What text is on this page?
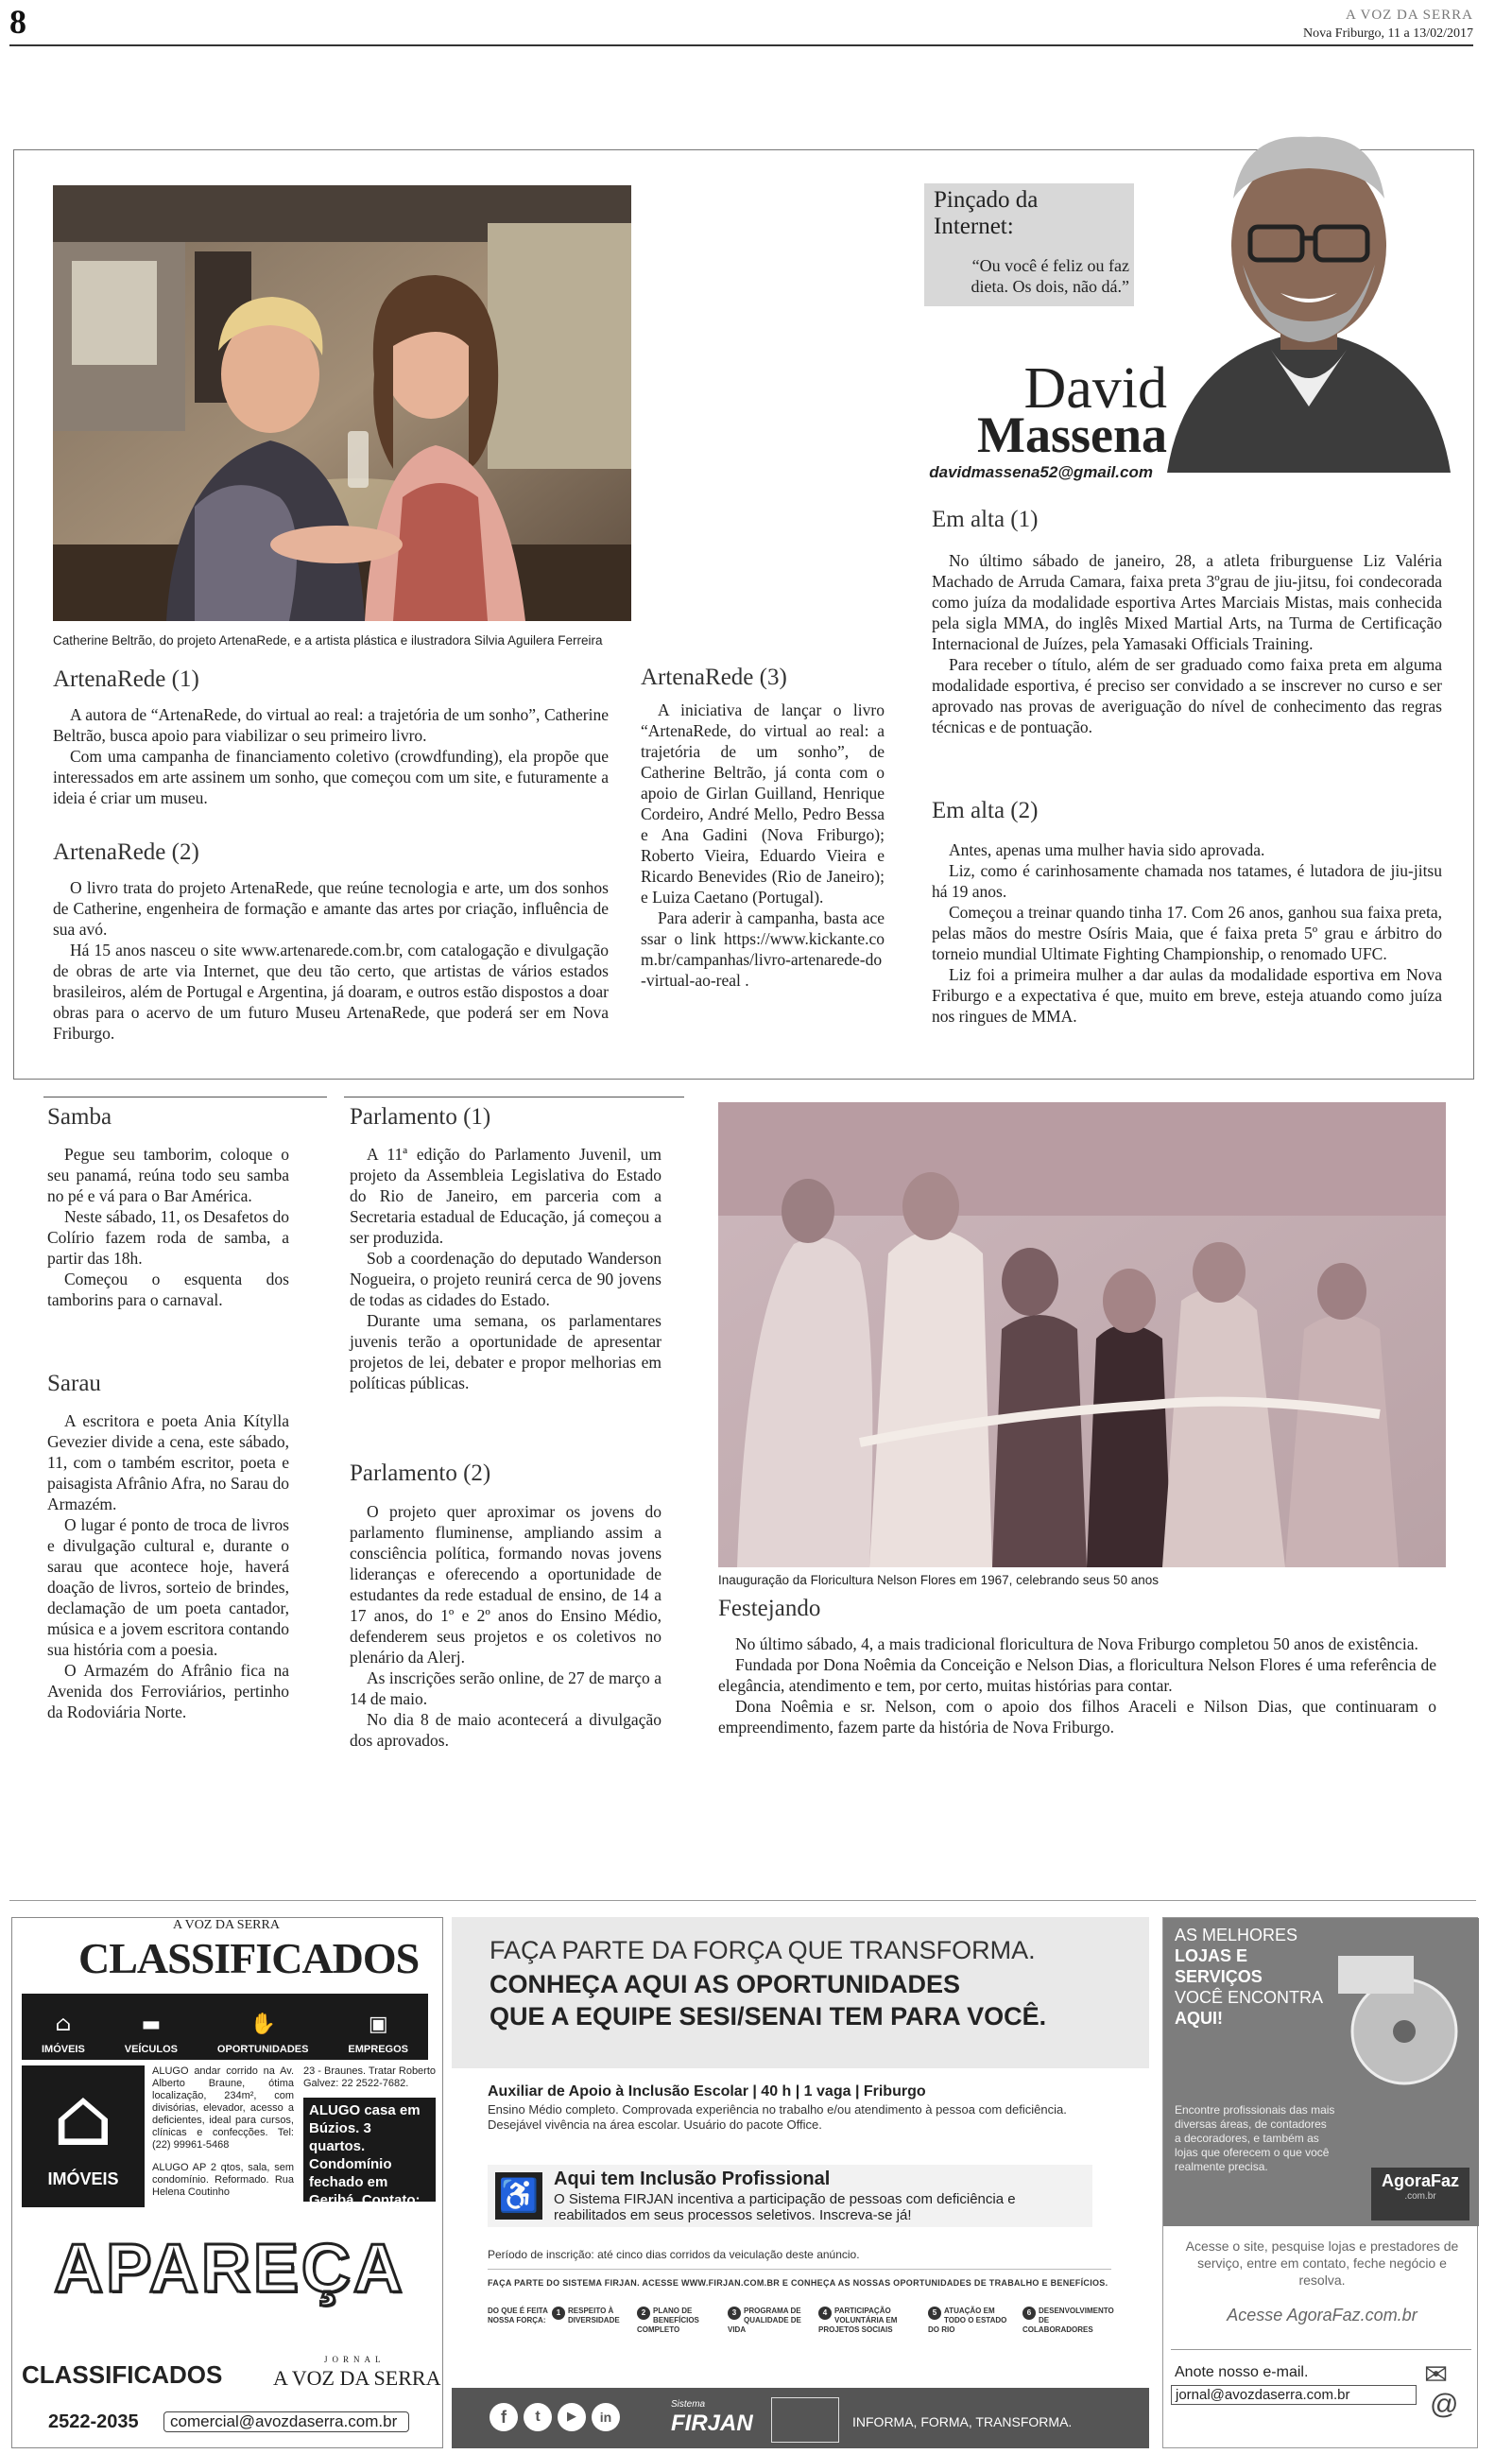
8	A VOZ DA SERRA
Nova Friburgo, 11 a 13/02/2017
Catherine Beltrão, do projeto ArtenaRede, e a artista plástica e ilustradora Silvia Aguilera Ferreira
ArtenaRede (1)

A autora de “ArtenaRede, do virtual ao real: a trajetória de um sonho”, Catherine Beltrão, busca apoio para viabilizar o seu primeiro livro.

Com uma campanha de financiamento coletivo (crowdfunding), ela propõe que interessados em arte assinem um sonho, que começou com um site, e futuramente a ideia é criar um museu.

ArtenaRede (2)

O livro trata do projeto ArtenaRede, que reúne tecnologia e arte, um dos sonhos de Catherine, engenheira de formação e amante das artes por criação, influência de sua avó.

Há 15 anos nasceu o site www.artenarede.com.br, com catalogação e divulgação de obras de arte via Internet, que deu tão certo, que artistas de vários estados brasileiros, além de Portugal e Argentina, já doaram, e outros estão dispostos a doar obras para o acervo de um futuro Museu ArtenaRede, que poderá ser em Nova Friburgo.

ArtenaRede (3)

A iniciativa de lançar o livro “ArtenaRede, do virtual ao real: a trajetória de um sonho”, de Catherine Beltrão, já conta com o apoio de Girlan Guilland, Henrique Cordeiro, André Mello, Pedro Bessa e Ana Gadini (Nova Friburgo); Roberto Vieira, Eduardo Vieira e Ricardo Benevides (Rio de Janeiro); e Luiza Caetano (Portugal).

Para aderir à campanha, basta acessar o link https://www.kickante.com.br/campanhas/livro-artenarede-do-virtual-ao-real .

Pinçado da Internet:
“Ou você é feliz ou faz dieta. Os dois, não dá.”
David
Massena
davidmassena52@gmail.com
Em alta (1)

No último sábado de janeiro, 28, a atleta friburguense Liz Valéria Machado de Arruda Camara, faixa preta 3ºgrau de jiu-jitsu, foi condecorada como juíza da modalidade esportiva Artes Marciais Mistas, mais conhecida pela sigla MMA, do inglês Mixed Martial Arts, na Turma de Certificação Internacional de Juízes, pela Yamasaki Officials Training.

Para receber o título, além de ser graduado como faixa preta em alguma modalidade esportiva, é preciso ser convidado a se inscrever no curso e ser aprovado nas provas de averiguação do nível de conhecimento das regras técnicas e de pontuação.

Em alta (2)

Antes, apenas uma mulher havia sido aprovada.

Liz, como é carinhosamente chamada nos tatames, é lutadora de jiu-jitsu há 19 anos.

Começou a treinar quando tinha 17. Com 26 anos, ganhou sua faixa preta, pelas mãos do mestre Osíris Maia, que é faixa preta 5º grau e árbitro do torneio mundial Ultimate Fighting Championship, o renomado UFC.

Liz foi a primeira mulher a dar aulas da modalidade esportiva em Nova Friburgo e a expectativa é que, muito em breve, esteja atuando como juíza nos ringues de MMA.

Samba

Pegue seu tamborim, coloque o seu panamá, reúna todo seu samba no pé e vá para o Bar América.

Neste sábado, 11, os Desafetos do Colírio fazem roda de samba, a partir das 18h.

Começou o esquenta dos tamborins para o carnaval.

Sarau

A escritora e poeta Ania Kítylla Gevezier divide a cena, este sábado, 11, com o também escritor, poeta e paisagista Afrânio Afra, no Sarau do Armazém.

O lugar é ponto de troca de livros e divulgação cultural e, durante o sarau que acontece hoje, haverá doação de livros, sorteio de brindes, declamação de um poeta cantador, música e a jovem escritora contando sua história com a poesia.

O Armazém do Afrânio fica na Avenida dos Ferroviários, pertinho da Rodoviária Norte.

Parlamento (1)

A 11ª edição do Parlamento Juvenil, um projeto da Assembleia Legislativa do Estado do Rio de Janeiro, em parceria com a Secretaria estadual de Educação, já começou a ser produzida.

Sob a coordenação do deputado Wanderson Nogueira, o projeto reunirá cerca de 90 jovens de todas as cidades do Estado.

Durante uma semana, os parlamentares juvenis terão a oportunidade de apresentar projetos de lei, debater e propor melhorias em políticas públicas.

Parlamento (2)

O projeto quer aproximar os jovens do parlamento fluminense, ampliando assim a consciência política, formando novas jovens lideranças e oferecendo a oportunidade de estudantes da rede estadual de ensino, de 14 a 17 anos, do 1º e 2º anos do Ensino Médio, defenderem seus projetos e os coletivos no plenário da Alerj.

As inscrições serão online, de 27 de março a 14 de maio.

No dia 8 de maio acontecerá a divulgação dos aprovados.

Inauguração da Floricultura Nelson Flores em 1967, celebrando seus 50 anos
Festejando

No último sábado, 4, a mais tradicional floricultura de Nova Friburgo completou 50 anos de existência.

Fundada por Dona Noêmia da Conceição e Nelson Dias, a floricultura Nelson Flores é uma referência de elegância, atendimento e tem, por certo, muitas histórias para contar.

Dona Noêmia e sr. Nelson, com o apoio dos filhos Araceli e Nilson Dias, que continuaram o empreendimento, fazem parte da história de Nova Friburgo.

A VOZ DA SERRA
CLASSIFICADOS
⌂
IMÓVEIS
▬
VEÍCULOS
✋
OPORTUNIDADES
▣
EMPREGOS
⌂
IMÓVEIS
ALUGO andar corrido na Av. Alberto Braune, ótima localização, 234m², com divisórias, elevador, acesso a deficientes, ideal para cursos, clínicas e confecções. Tel: (22) 99961-5468
ALUGO AP 2 qtos, sala, sem condomínio. Reformado. Rua Helena Coutinho
23 - Braunes. Tratar Roberto Galvez: 22 2522-7682.
ALUGO casa em Búzios. 3 quartos. Condomínio fechado em Geribá. Contato: (22) 992447183
APAREÇA
CLASSIFICADOS
JORNAL
A VOZ DA SERRA
2522-2035	comercial@avozdaserra.com.br
FAÇA PARTE DA FORÇA QUE TRANSFORMA.
CONHEÇA AQUI AS OPORTUNIDADES
QUE A EQUIPE SESI/SENAI TEM PARA VOCÊ.
Auxiliar de Apoio à Inclusão Escolar | 40 h | 1 vaga | Friburgo
Ensino Médio completo. Comprovada experiência no trabalho e/ou atendimento à pessoa com deficiência. Desejável vivência na área escolar. Usuário do pacote Office.
♿ Aqui tem Inclusão Profissional
O Sistema FIRJAN incentiva a participação de pessoas com deficiência e reabilitados em seus processos seletivos. Inscreva-se já!
Período de inscrição: até cinco dias corridos da veiculação deste anúncio.
FAÇA PARTE DO SISTEMA FIRJAN. ACESSE WWW.FIRJAN.COM.BR E CONHEÇA AS NOSSAS OPORTUNIDADES DE TRABALHO E BENEFÍCIOS.
DO QUE É FEITA NOSSA FORÇA:
1 RESPEITO À DIVERSIDADE
2 PLANO DE BENEFÍCIOS COMPLETO
3 PROGRAMA DE QUALIDADE DE VIDA
4 PARTICIPAÇÃO VOLUNTÁRIA EM PROJETOS SOCIAIS
5 ATUAÇÃO EM TODO O ESTADO DO RIO
6 DESENVOLVIMENTO DE COLABORADORES
f	t	▶	in
Sistema
FIRJAN	INFORMA, FORMA, TRANSFORMA.
AS MELHORES
LOJAS E
SERVIÇOS
VOCÊ ENCONTRA
AQUI!
Encontre profissionais das mais diversas áreas, de contadores a decoradores, e também as lojas que oferecem o que você realmente precisa.
AgoraFaz
.com.br
Acesse o site, pesquise lojas e prestadores de serviço, entre em contato, feche negócio e resolva.
Acesse AgoraFaz.com.br
Anote nosso e-mail.
jornal@avozdaserra.com.br
✉
@
